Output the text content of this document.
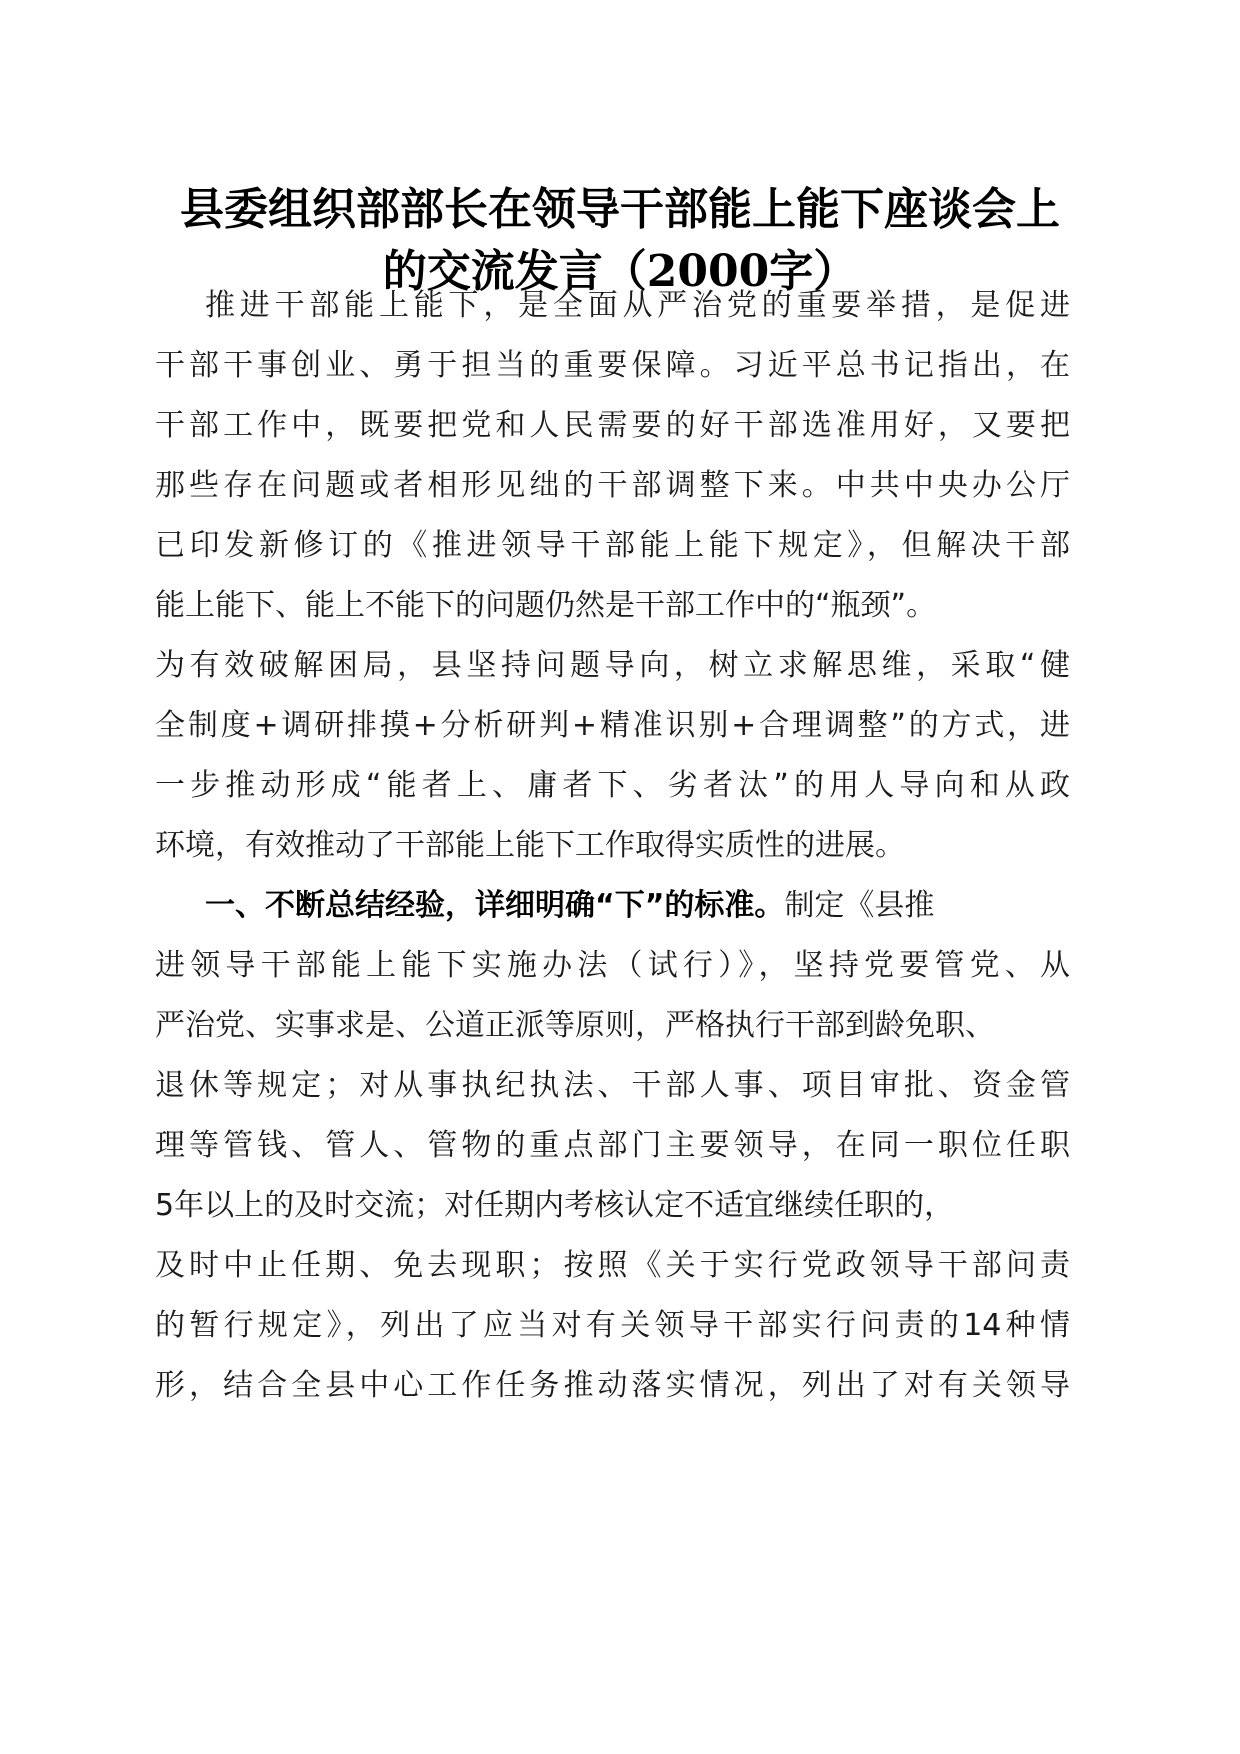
县委组织部部长在领导干部能上能下座谈会上
的交流发言（2000字）
推进干部能上能下，是全面从严治党的重要举措，是促进
干部干事创业、勇于担当的重要保障。习近平总书记指出，在
干部工作中，既要把党和人民需要的好干部选准用好，又要把
那些存在问题或者相形见绌的干部调整下来。中共中央办公厅
已印发新修订的《推进领导干部能上能下规定》，但解决干部
能上能下、能上不能下的问题仍然是干部工作中的“瓶颈”。
为有效破解困局，县坚持问题导向，树立求解思维，采取“健
全制度+调研排摸+分析研判+精准识别+合理调整”的方式，进
一步推动形成“能者上、庸者下、劣者汰”的用人导向和从政
环境，有效推动了干部能上能下工作取得实质性的进展。
一、不断总结经验，详细明确“下”的标准。制定《县推
进领导干部能上能下实施办法（试行）》，坚持党要管党、从
严治党、实事求是、公道正派等原则，严格执行干部到龄免职、
退休等规定；对从事执纪执法、干部人事、项目审批、资金管
理等管钱、管人、管物的重点部门主要领导，在同一职位任职
5年以上的及时交流；对任期内考核认定不适宜继续任职的，
及时中止任期、免去现职；按照《关于实行党政领导干部问责
的暂行规定》，列出了应当对有关领导干部实行问责的14种情
形，结合全县中心工作任务推动落实情况，列出了对有关领导
